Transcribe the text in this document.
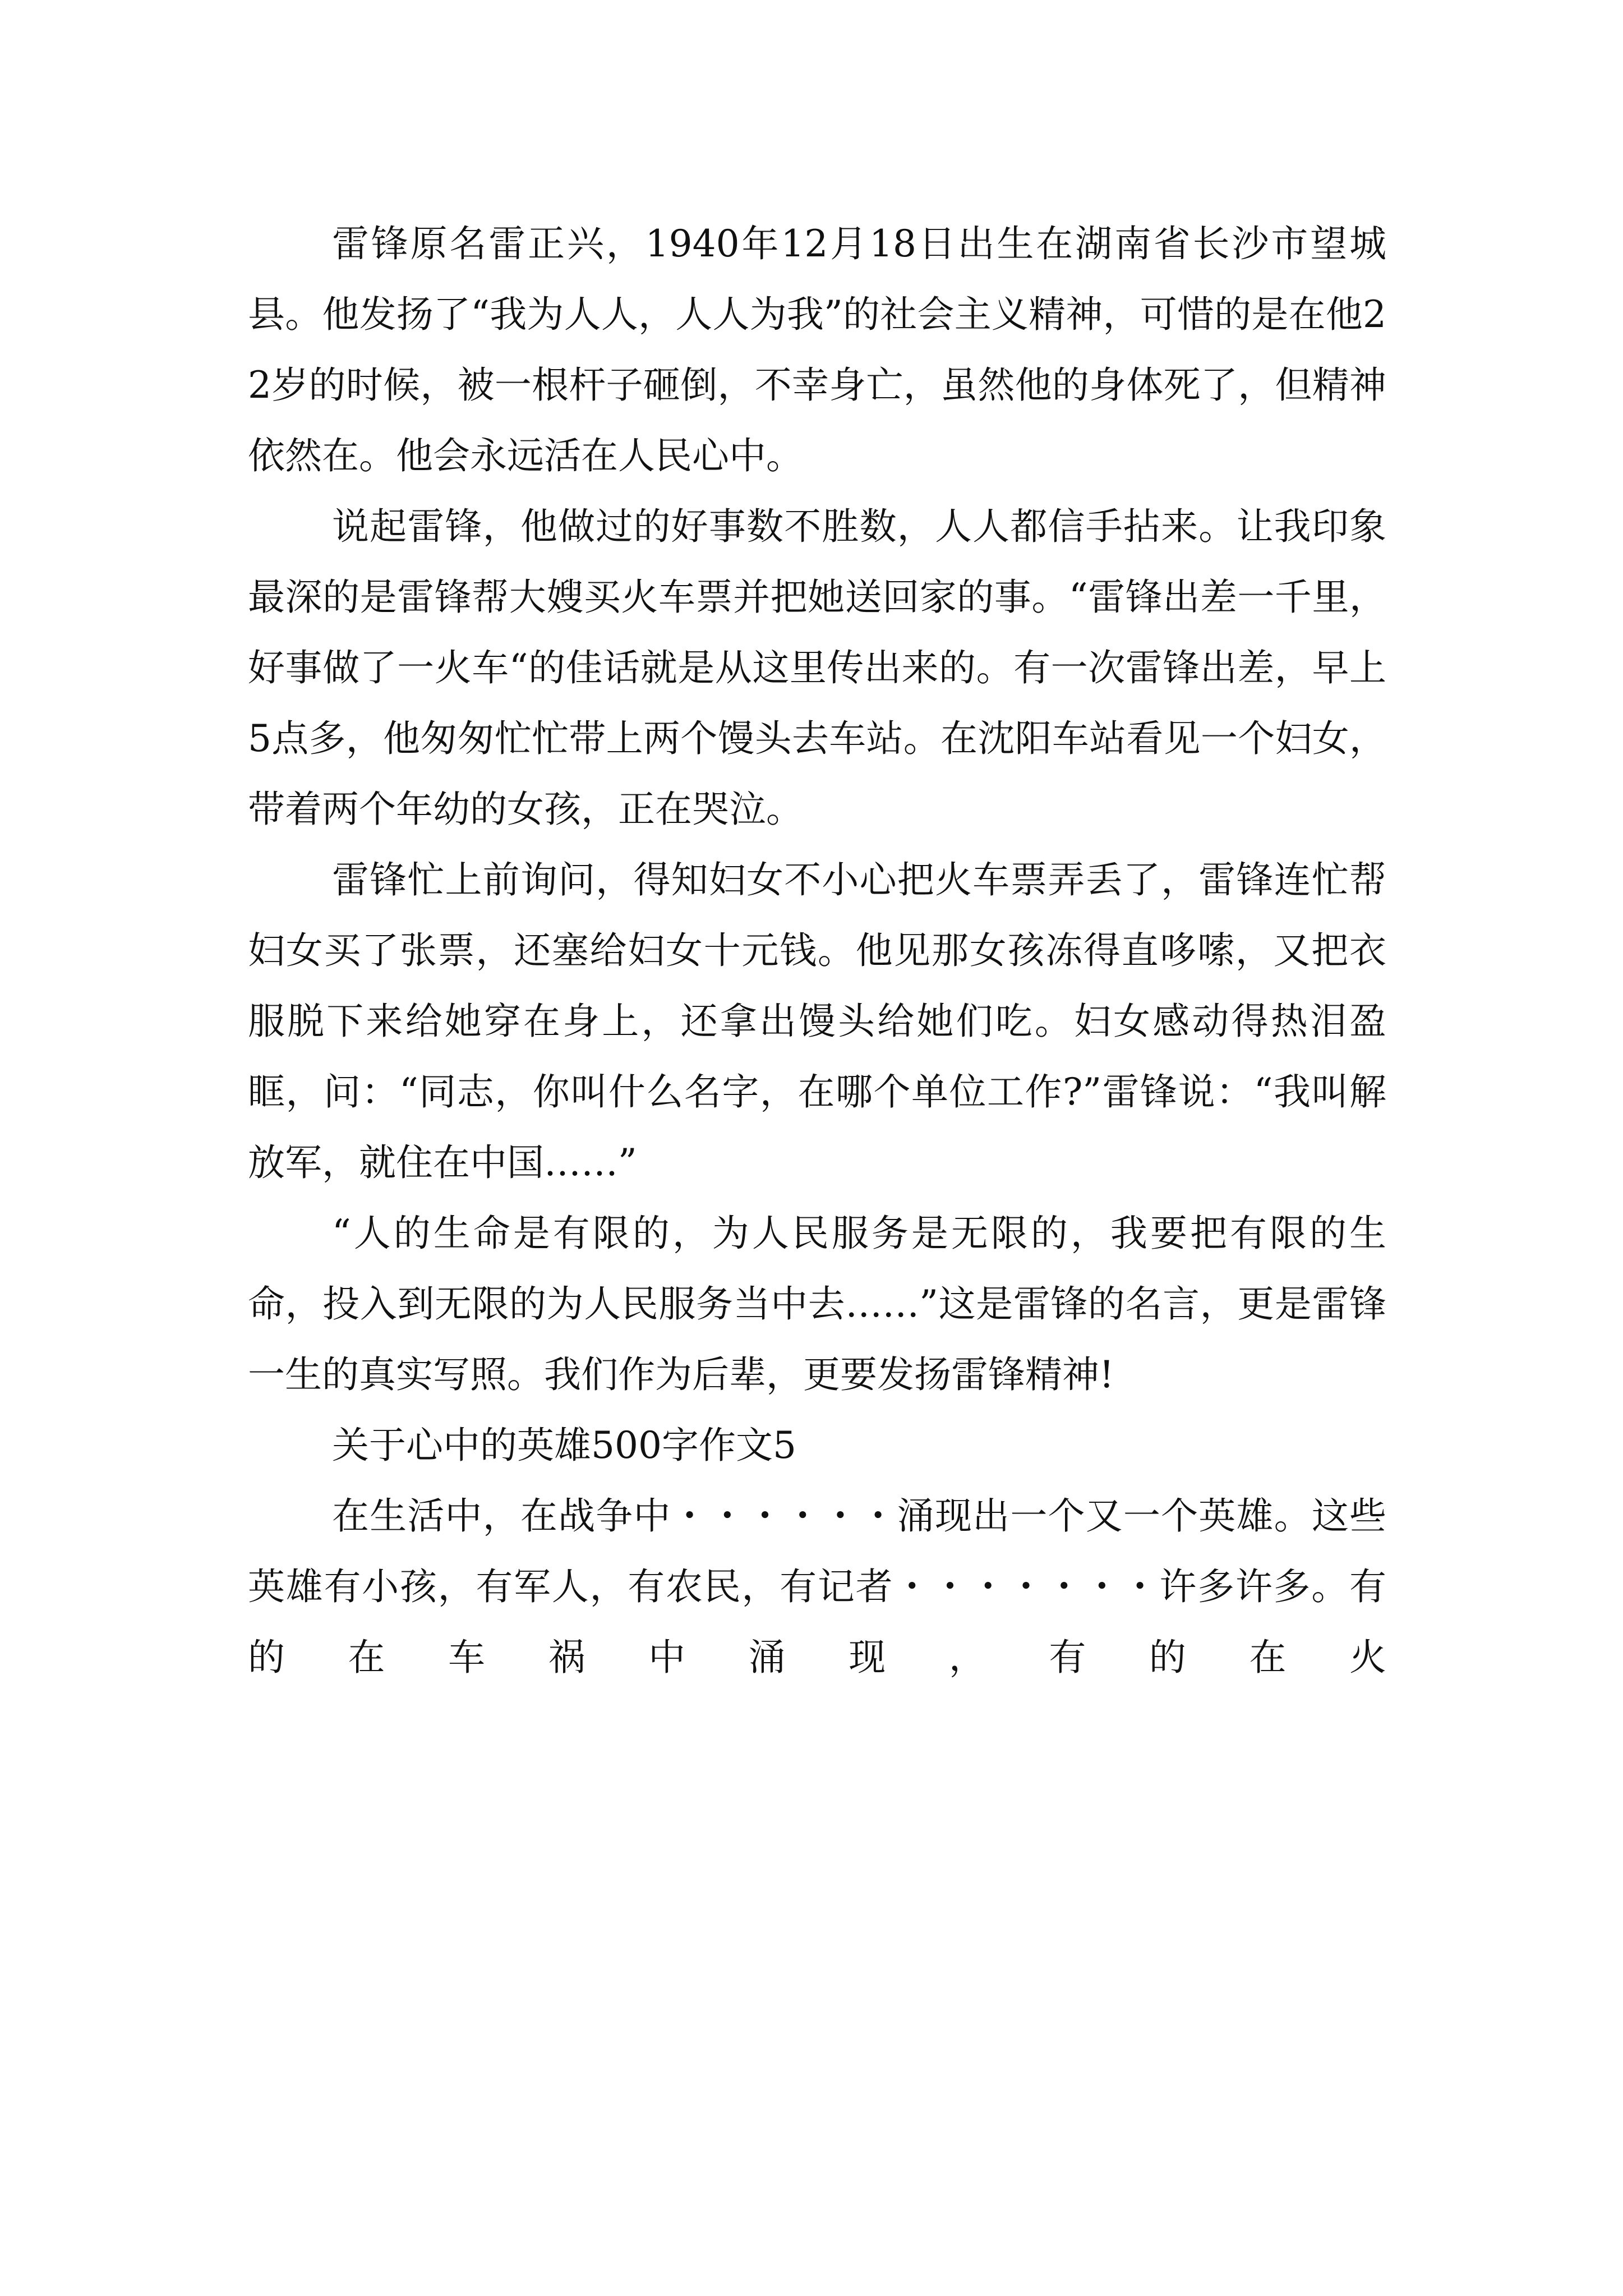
雷锋原名雷正兴，1940年12月18日出生在湖南省长沙市望城县。他发扬了“我为人人，人人为我”的社会主义精神，可惜的是在他22岁的时候，被一根杆子砸倒，不幸身亡，虽然他的身体死了，但精神依然在。他会永远活在人民心中。

说起雷锋，他做过的好事数不胜数，人人都信手拈来。让我印象最深的是雷锋帮大嫂买火车票并把她送回家的事。“雷锋出差一千里，好事做了一火车“的佳话就是从这里传出来的。有一次雷锋出差，早上5点多，他匆匆忙忙带上两个馒头去车站。在沈阳车站看见一个妇女，带着两个年幼的女孩，正在哭泣。

雷锋忙上前询问，得知妇女不小心把火车票弄丢了，雷锋连忙帮妇女买了张票，还塞给妇女十元钱。他见那女孩冻得直哆嗦，又把衣服脱下来给她穿在身上，还拿出馒头给她们吃。妇女感动得热泪盈眶，问：“同志，你叫什么名字，在哪个单位工作?”雷锋说：“我叫解放军，就住在中国……”

“人的生命是有限的，为人民服务是无限的，我要把有限的生命，投入到无限的为人民服务当中去……”这是雷锋的名言，更是雷锋一生的真实写照。我们作为后辈，更要发扬雷锋精神!

关于心中的英雄500字作文5

在生活中，在战争中・・・・・・涌现出一个又一个英雄。这些英雄有小孩，有军人，有农民，有记者・・・・・・・许多许多。有的在车祸中涌现，有的在火
